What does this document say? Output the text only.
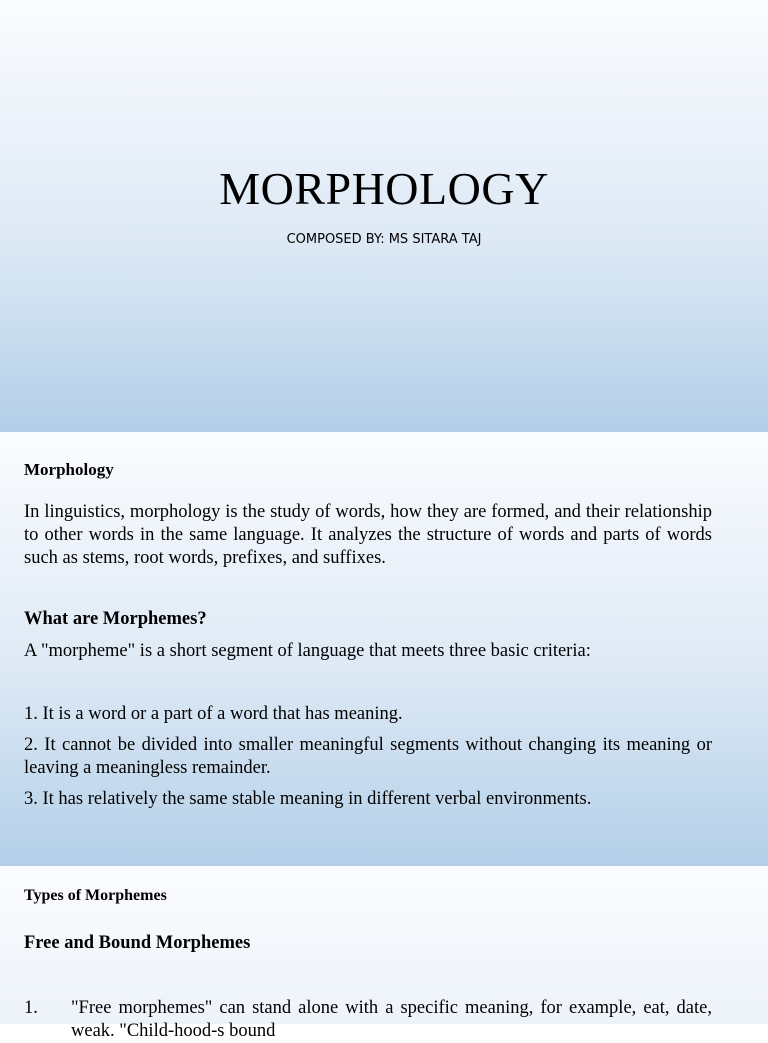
MORPHOLOGY
COMPOSED BY: MS SITARA TAJ
Morphology
In linguistics, morphology is the study of words, how they are formed, and their relationship to other words in the same language. It analyzes the structure of words and parts of words such as stems, root words, prefixes, and suffixes.
What are Morphemes?
A "morpheme" is a short segment of language that meets three basic criteria:
1. It is a word or a part of a word that has meaning.
2. It cannot be divided into smaller meaningful segments without changing its meaning or leaving a meaningless remainder.
3. It has relatively the same stable meaning in different verbal environments.
Types of Morphemes
Free and Bound Morphemes
1.	"Free morphemes" can stand alone with a specific meaning, for example, eat, date, weak. "Child-hood-s bound
